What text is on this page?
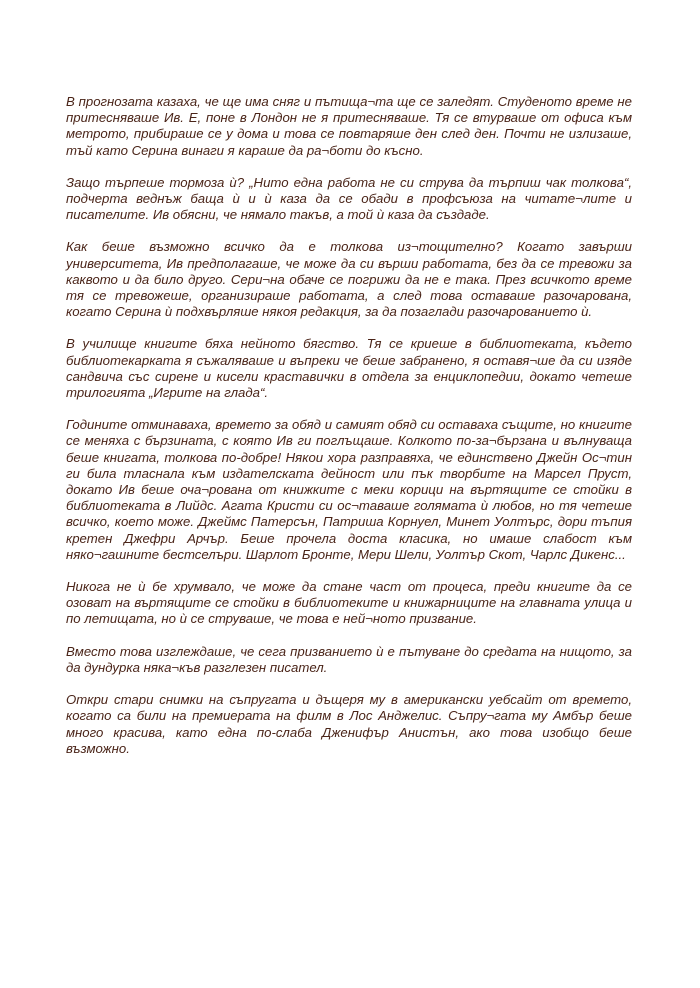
В прогнозата казаха, че ще има сняг и пътища¬та ще се заледят. Студеното време не притесняваше Ив. Е, поне в Лондон не я притесняваше. Тя се втурваше от офиса към метрото, прибираше се у дома и това се повтаряше ден след ден. Почти не излизаше, тъй като Серина винаги я караше да ра¬боти до късно.

Защо търпеше тормоза ѝ? „Нито една работа не си струва да търпиш чак толкова“, подчерта веднъж баща ѝ и ѝ каза да се обади в профсъюза на читате¬лите и писателите. Ив обясни, че нямало такъв, а той ѝ каза да създаде.

Как беше възможно всичко да е толкова из¬тощително? Когато завърши университета, Ив предполагаше, че може да си върши работата, без да се тревожи за каквото и да било друго. Сери¬на обаче се погрижи да не е така. През всичкото време тя се тревожеше, организираше работата, а след това оставаше разочарована, когато Серина ѝ подхвърляше някоя редакция, за да позаглади разочарованието ѝ.

В училище книгите бяха нейното бягство. Тя се криеше в библиотеката, където библиотекарката я съжаляваше и въпреки че беше забранено, я оставя¬ше да си изяде сандвича със сирене и кисели краставички в отдела за енциклопедии, докато четеше трилогията „Игрите на глада“.

Годините отминаваха, времето за обяд и самият обяд си оставаха същите, но книгите се меняха с бързината, с която Ив ги поглъщаше. Колкото по-за¬бързана и вълнуваща беше книгата, толкова по-добре! Някои хора разправяха, че единствено Джейн Ос¬тин ги била тласнала към издателската дейност или пък творбите на Марсел Пруст, докато Ив беше оча¬рована от книжките с меки корици на въртящите се стойки в библиотеката в Лийдс. Агата Кристи си ос¬таваше голямата ѝ любов, но тя четеше всичко, което може. Джеймс Патерсън, Патриша Корнуел, Минет Уолтърс, дори тъпия кретен Джефри Арчър. Беше прочела доста класика, но имаше слабост към няко¬гашните бестселъри. Шарлот Бронте, Мери Шели, Уолтър Скот, Чарлс Дикенс...

Никога не ѝ бе хрумвало, че може да стане част от процеса, преди книгите да се озоват на въртящите се стойки в библиотеките и книжарниците на главната улица и по летищата, но ѝ се струваше, че това е ней¬ното призвание.

Вместо това изглеждаше, че сега призванието ѝ е пътуване до средата на нищото, за да дундурка няка¬къв разглезен писател.

Откри стари снимки на съпругата и дъщеря му в американски уебсайт от времето, когато са били на премиерата на филм в Лос Анджелис. Съпру¬гата му Амбър беше много красива, като една по-слаба Дженифър Анистън, ако това изобщо беше възможно.
